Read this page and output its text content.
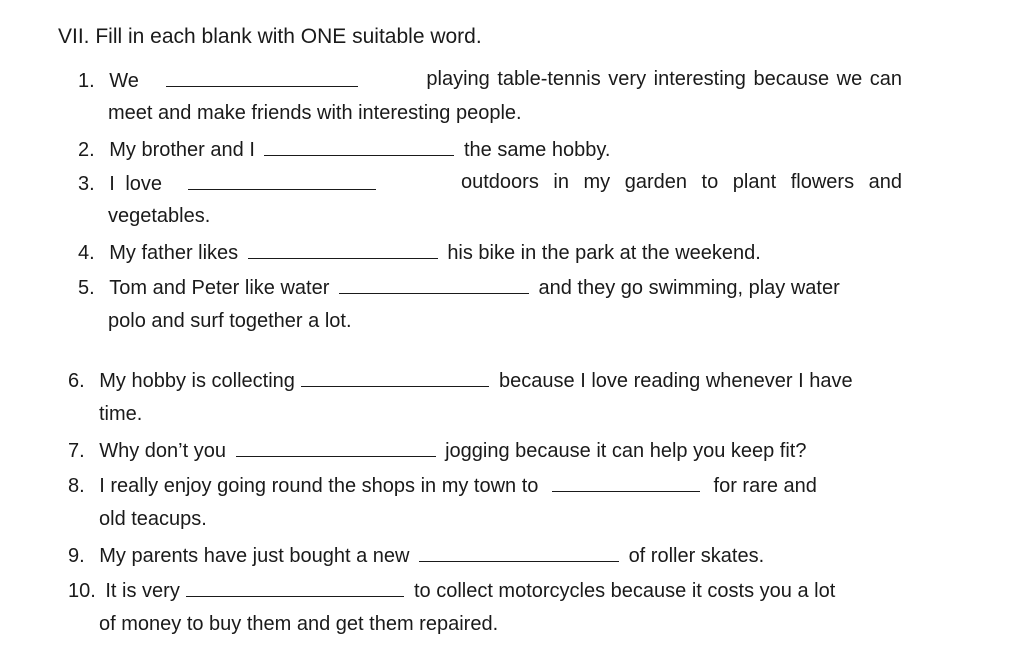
VII. Fill in each blank with ONE suitable word.
1. We	playing table-tennis very interesting because we can
meet and make friends with interesting people.
2. My brother and I	the same hobby.
3. I love	outdoors in my garden to plant flowers and
vegetables.
4. My father likes	his bike in the park at the weekend.
5. Tom and Peter like water	and they go swimming, play water
polo and surf together a lot.
6. My hobby is collecting	because I love reading whenever I have
time.
7. Why don’t you	jogging because it can help you keep fit?
8. I really enjoy going round the shops in my town to	for rare and
old teacups.
9. My parents have just bought a new	of roller skates.
10. It is very	to collect motorcycles because it costs you a lot
of money to buy them and get them repaired.
